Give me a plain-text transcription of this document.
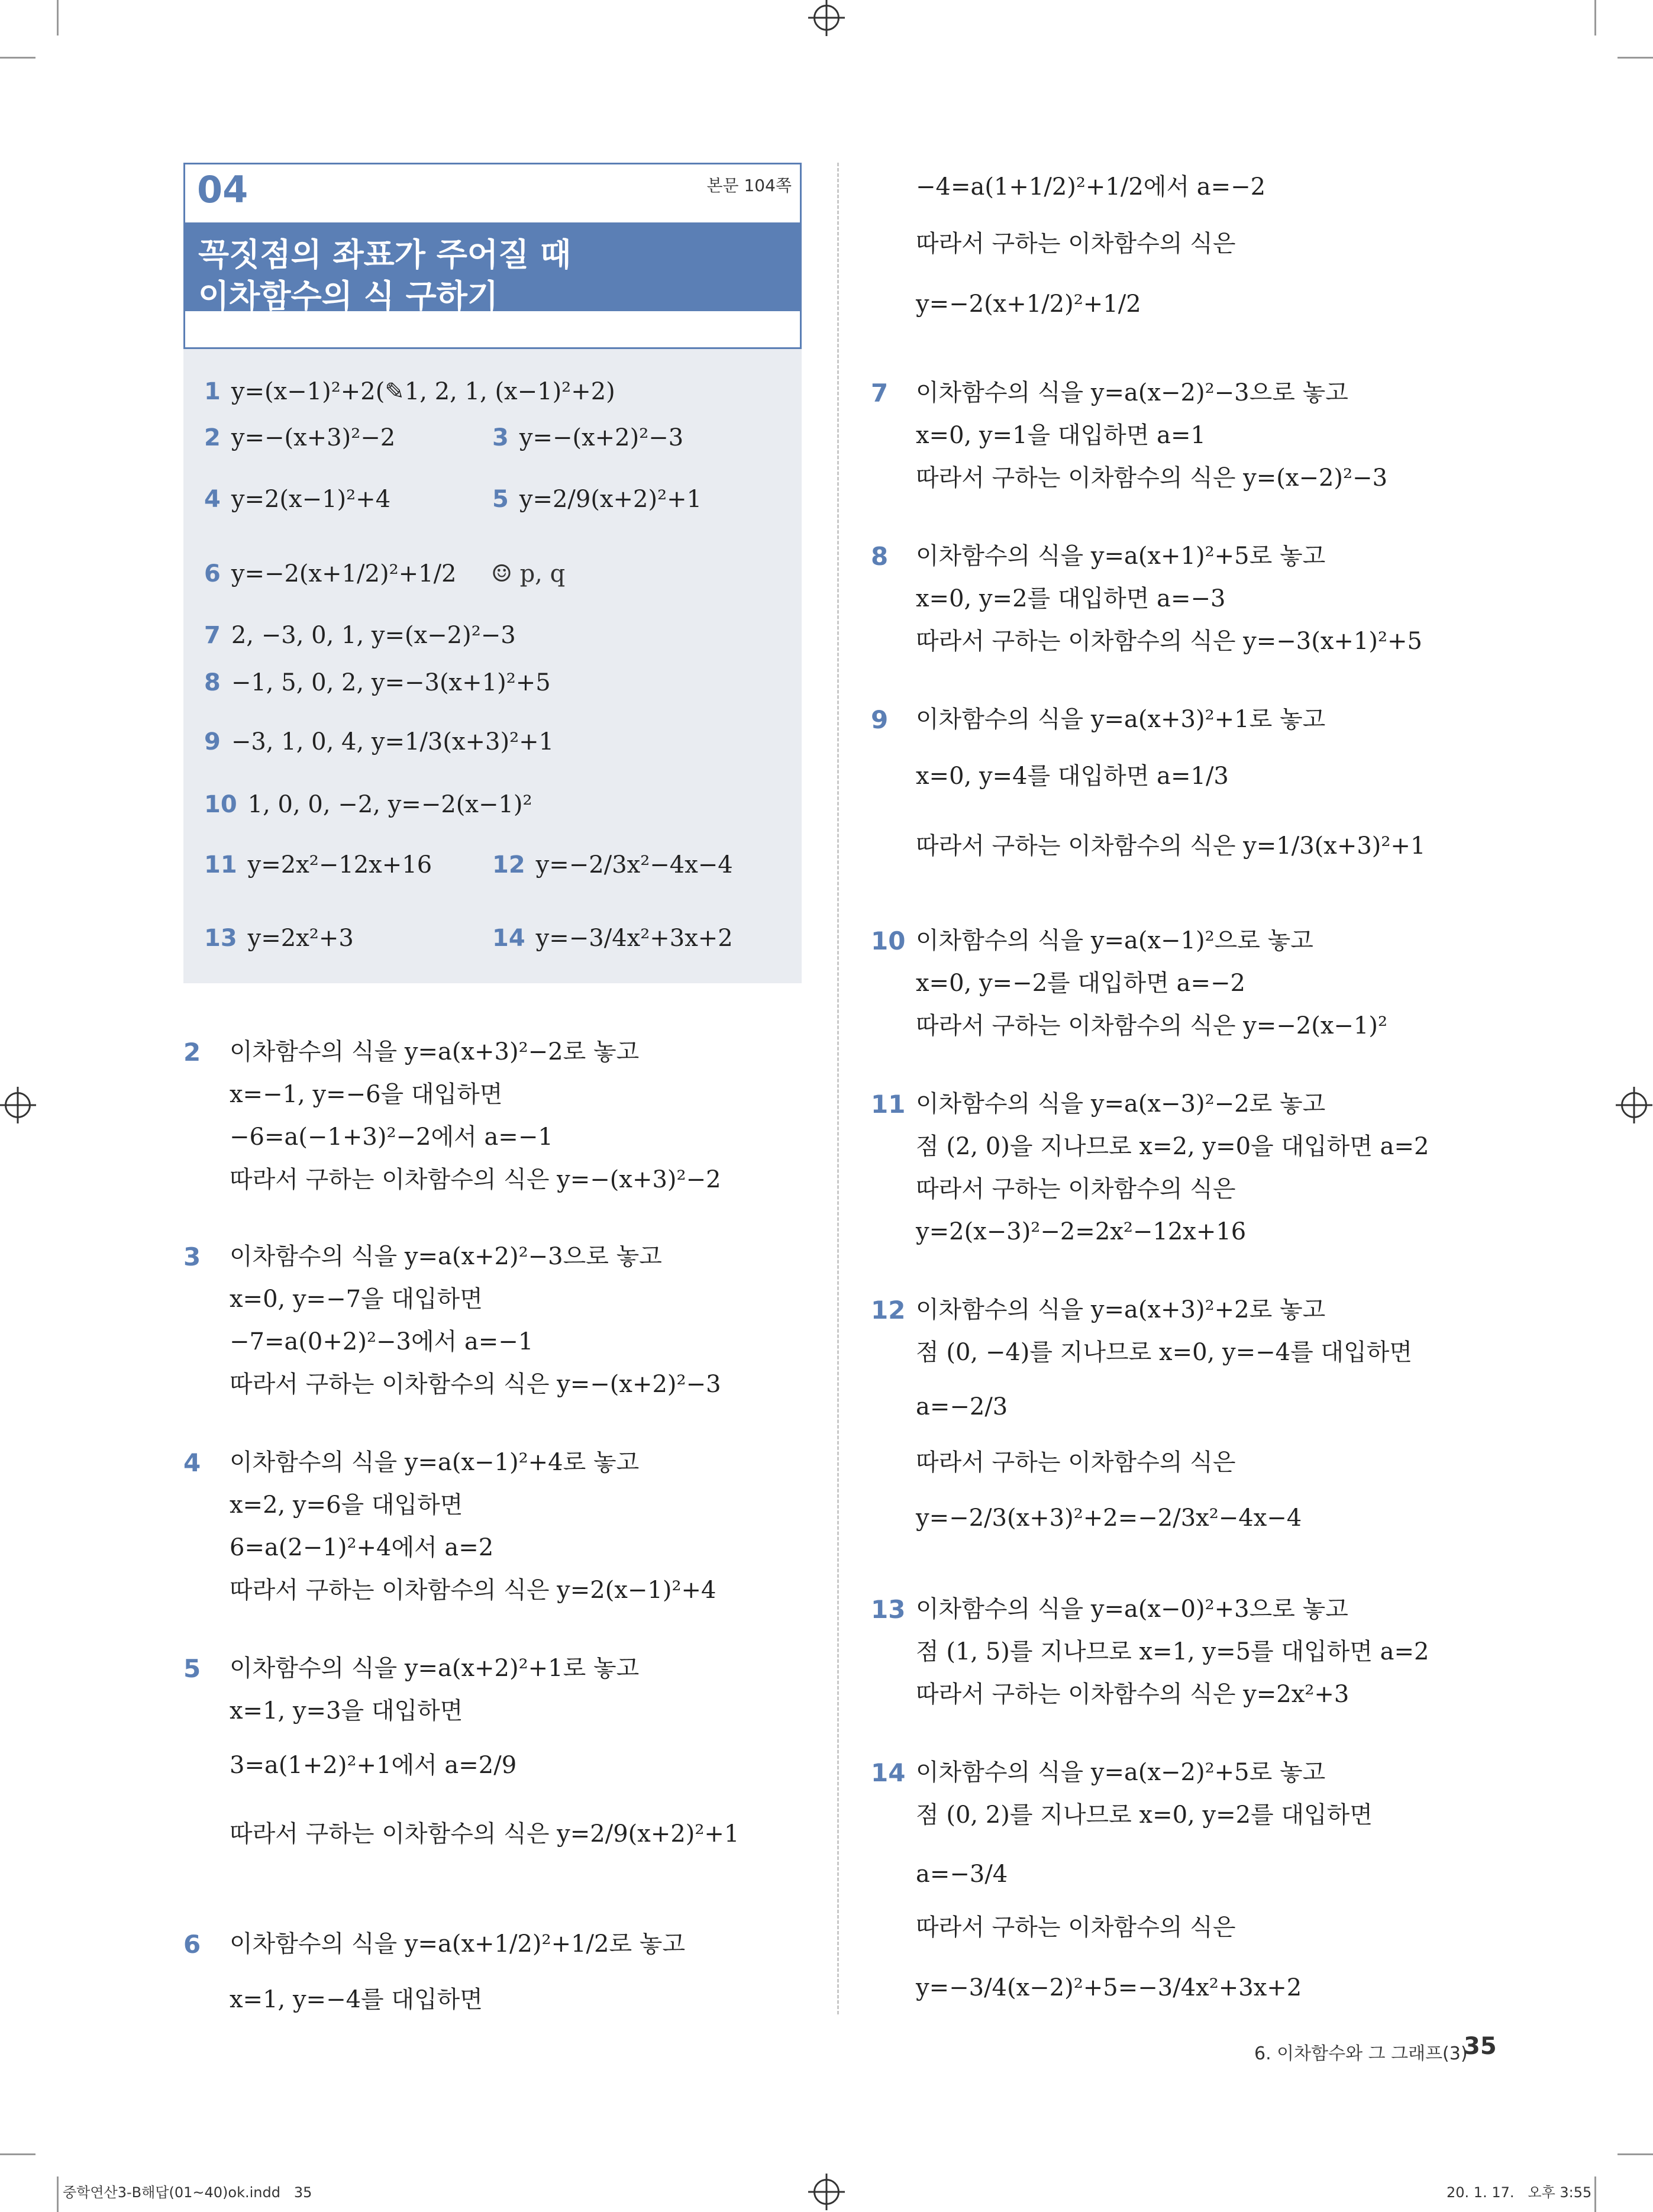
04	본문 104쪽
꼭짓점의 좌표가 주어질 때
이차함수의 식 구하기
1 y=(x−1)²+2(✎1, 2, 1, (x−1)²+2)
2 y=−(x+3)²−2	3 y=−(x+2)²−3
4 y=2(x−1)²+4	5 y=2/9(x+2)²+1
6 y=−2(x+1/2)²+1/2 ☺ p, q
7 2, −3, 0, 1, y=(x−2)²−3
8 −1, 5, 0, 2, y=−3(x+1)²+5
9 −3, 1, 0, 4, y=1/3(x+3)²+1
10 1, 0, 0, −2, y=−2(x−1)²
11 y=2x²−12x+16	12 y=−2/3x²−4x−4
13 y=2x²+3	14 y=−3/4x²+3x+2
2 이차함수의 식을 y=a(x+3)²−2로 놓고
x=−1, y=−6을 대입하면
−6=a(−1+3)²−2에서 a=−1
따라서 구하는 이차함수의 식은 y=−(x+3)²−2
3 이차함수의 식을 y=a(x+2)²−3으로 놓고
x=0, y=−7을 대입하면
−7=a(0+2)²−3에서 a=−1
따라서 구하는 이차함수의 식은 y=−(x+2)²−3
4 이차함수의 식을 y=a(x−1)²+4로 놓고
x=2, y=6을 대입하면
6=a(2−1)²+4에서 a=2
따라서 구하는 이차함수의 식은 y=2(x−1)²+4
5 이차함수의 식을 y=a(x+2)²+1로 놓고
x=1, y=3을 대입하면
3=a(1+2)²+1에서 a=2/9
따라서 구하는 이차함수의 식은 y=2/9(x+2)²+1
6 이차함수의 식을 y=a(x+1/2)²+1/2로 놓고
x=1, y=−4를 대입하면
−4=a(1+1/2)²+1/2에서 a=−2
따라서 구하는 이차함수의 식은
y=−2(x+1/2)²+1/2
7 이차함수의 식을 y=a(x−2)²−3으로 놓고
x=0, y=1을 대입하면 a=1
따라서 구하는 이차함수의 식은 y=(x−2)²−3
8 이차함수의 식을 y=a(x+1)²+5로 놓고
x=0, y=2를 대입하면 a=−3
따라서 구하는 이차함수의 식은 y=−3(x+1)²+5
9 이차함수의 식을 y=a(x+3)²+1로 놓고
x=0, y=4를 대입하면 a=1/3
따라서 구하는 이차함수의 식은 y=1/3(x+3)²+1
10 이차함수의 식을 y=a(x−1)²으로 놓고
x=0, y=−2를 대입하면 a=−2
따라서 구하는 이차함수의 식은 y=−2(x−1)²
11 이차함수의 식을 y=a(x−3)²−2로 놓고
점 (2, 0)을 지나므로 x=2, y=0을 대입하면 a=2
따라서 구하는 이차함수의 식은
y=2(x−3)²−2=2x²−12x+16
12 이차함수의 식을 y=a(x+3)²+2로 놓고
점 (0, −4)를 지나므로 x=0, y=−4를 대입하면
a=−2/3
따라서 구하는 이차함수의 식은
y=−2/3(x+3)²+2=−2/3x²−4x−4
13 이차함수의 식을 y=a(x−0)²+3으로 놓고
점 (1, 5)를 지나므로 x=1, y=5를 대입하면 a=2
따라서 구하는 이차함수의 식은 y=2x²+3
14 이차함수의 식을 y=a(x−2)²+5로 놓고
점 (0, 2)를 지나므로 x=0, y=2를 대입하면
a=−3/4
따라서 구하는 이차함수의 식은
y=−3/4(x−2)²+5=−3/4x²+3x+2
6. 이차함수와 그 그래프(3)
35
중학연산3-B해답(01~40)ok.indd   35	20. 1. 17.   오후 3:55
